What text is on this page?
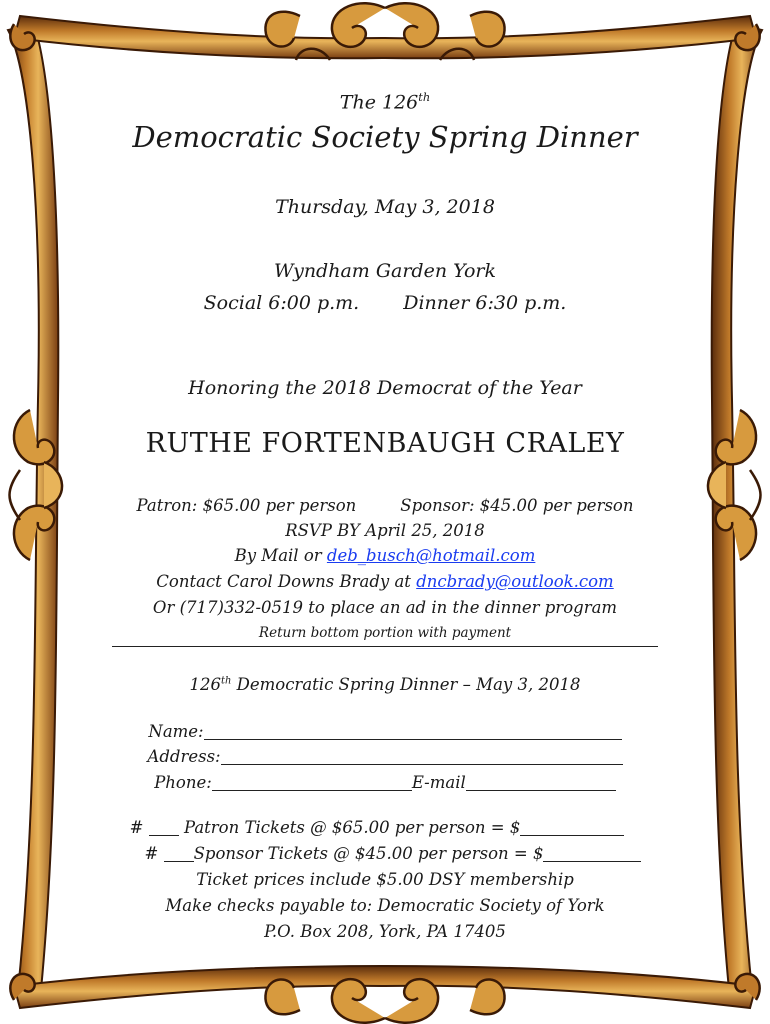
The 126th
Democratic Society Spring Dinner
Thursday, May 3, 2018
Wyndham Garden York
Social 6:00 p.m. Dinner 6:30 p.m.
Honoring the 2018 Democrat of the Year
RUTHE FORTENBAUGH CRALEY
Patron: $65.00 per person	Sponsor: $45.00 per person
RSVP BY April 25, 2018
By Mail or deb_busch@hotmail.com
Contact Carol Downs Brady at dncbrady@outlook.com
Or (717)332-0519 to place an ad in the dinner program
Return bottom portion with payment
126th Democratic Spring Dinner – May 3, 2018
Name:
Address:
Phone:	E-mail
# Patron Tickets @ $65.00 per person = $
# Sponsor Tickets @ $45.00 per person = $
Ticket prices include $5.00 DSY membership
Make checks payable to: Democratic Society of York
P.O. Box 208, York, PA 17405
